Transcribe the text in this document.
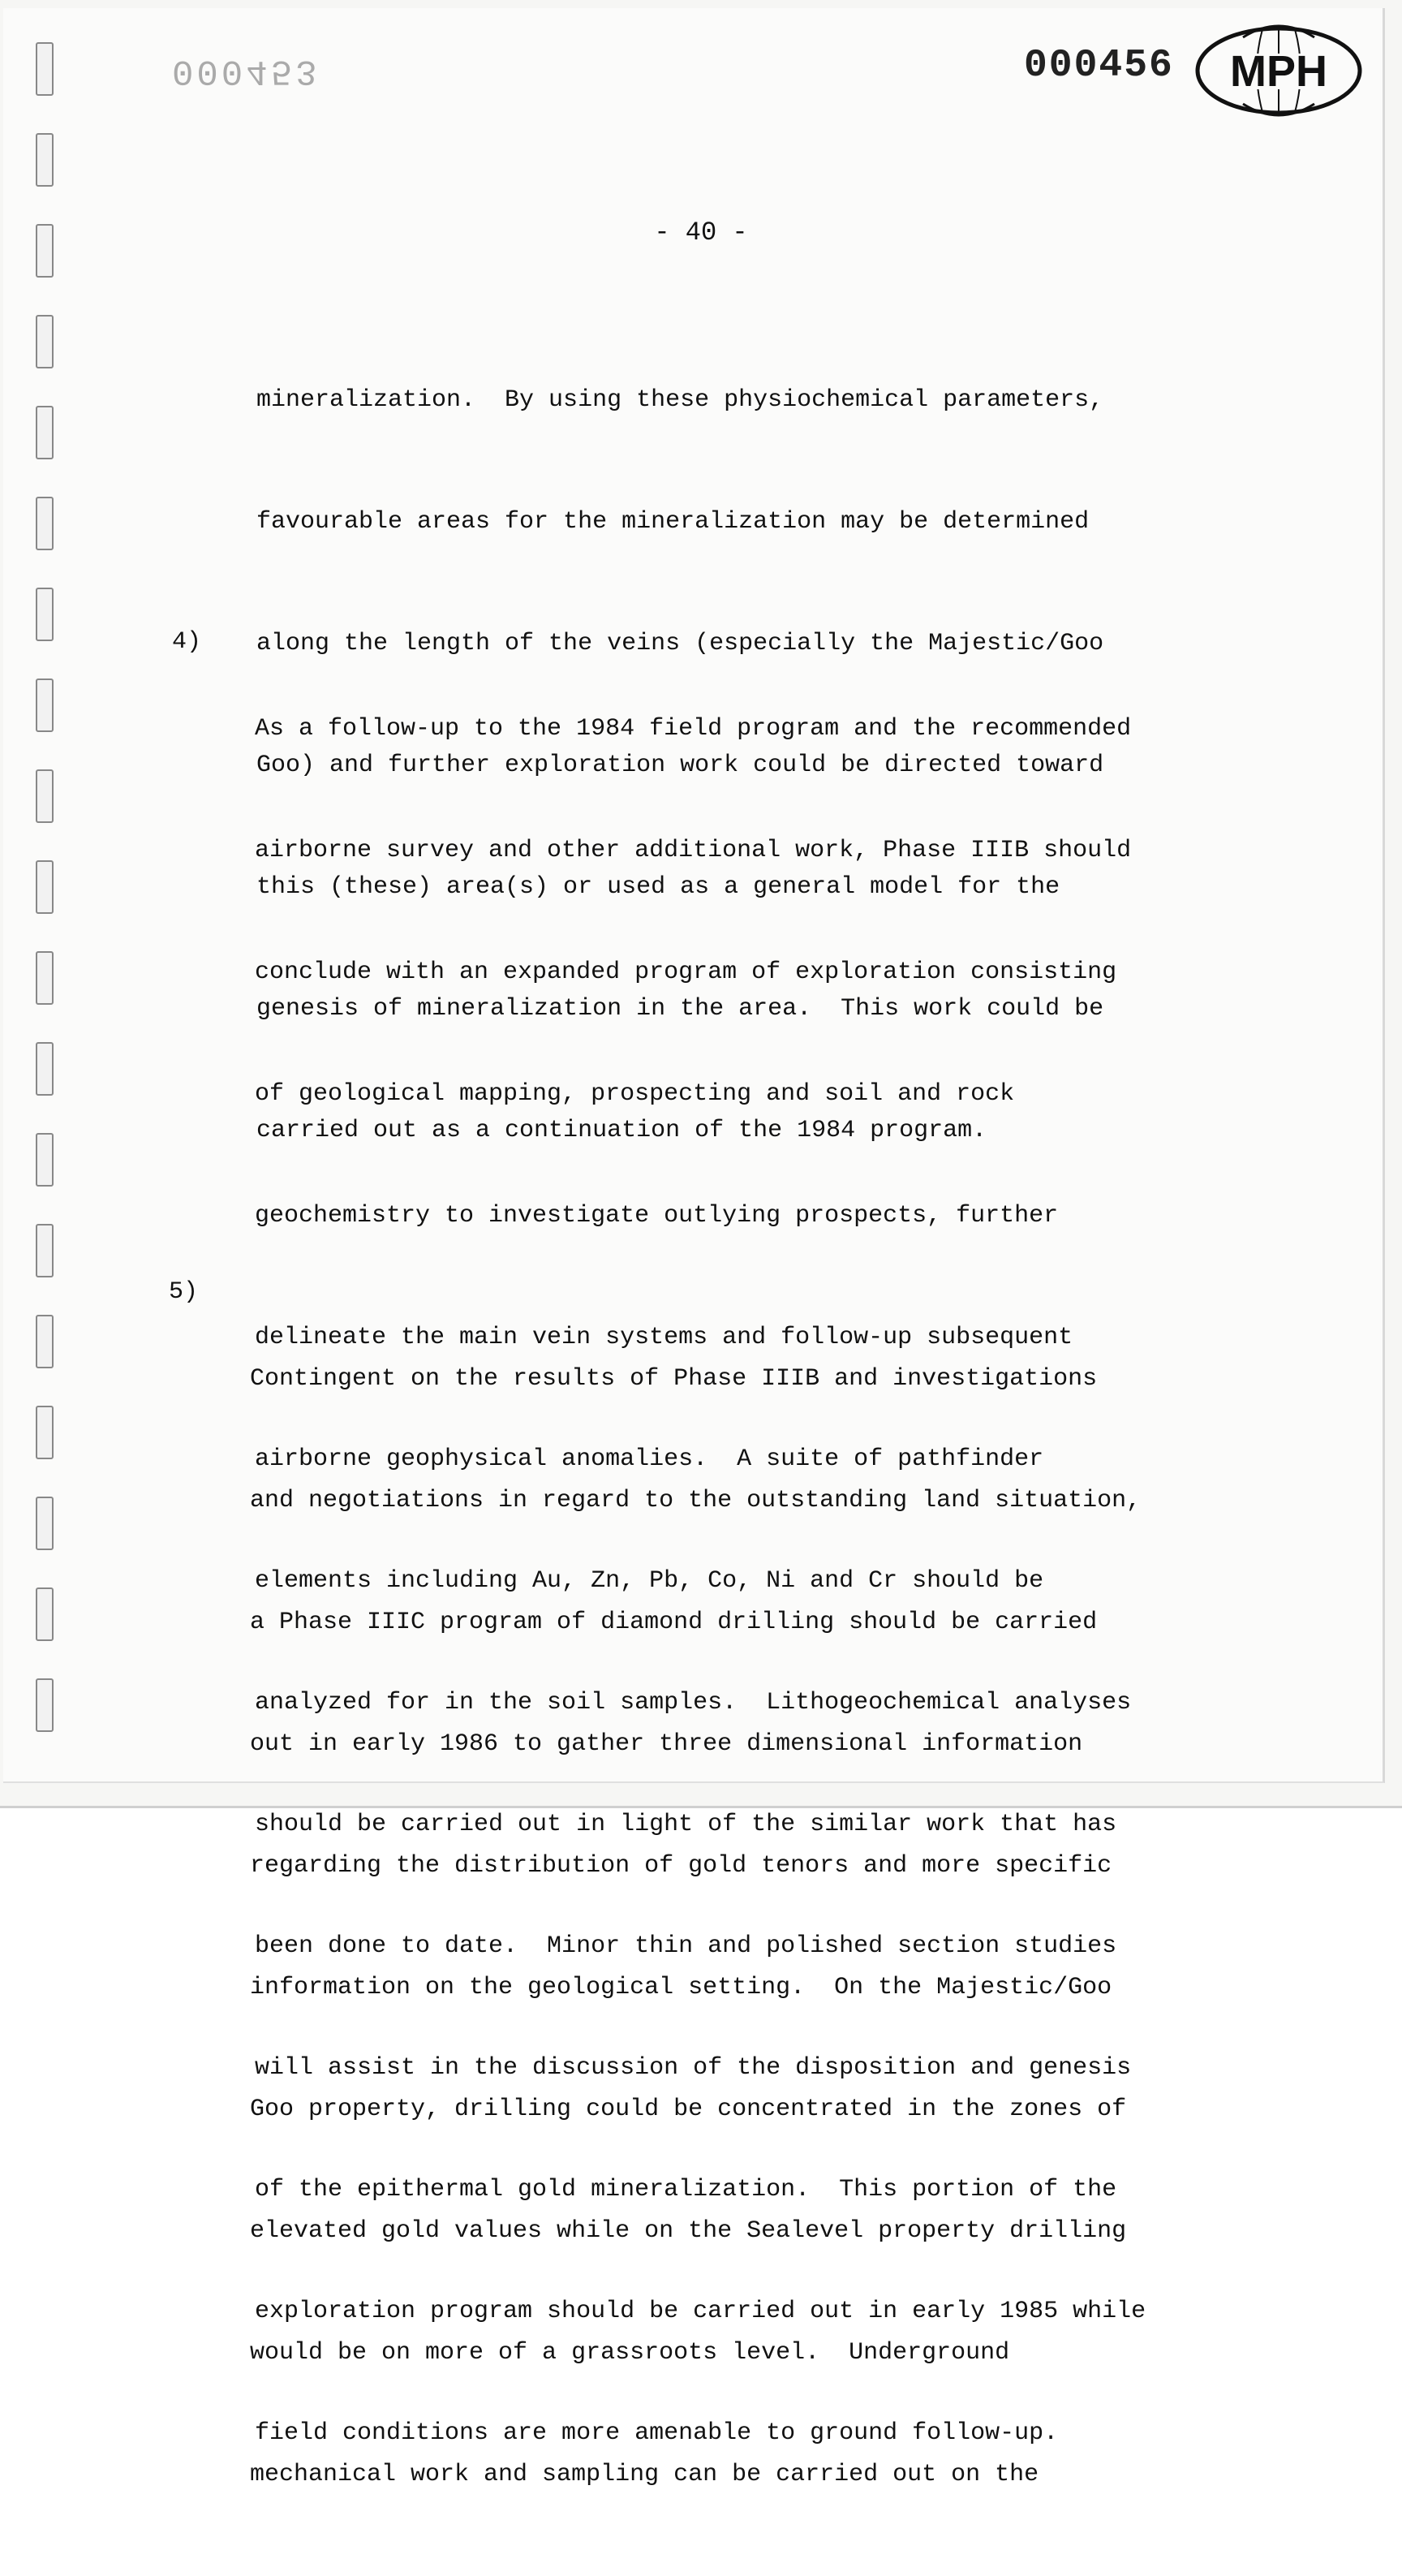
000453	000456 MPH
- 40 -

mineralization.  By using these physiochemical parameters,

favourable areas for the mineralization may be determined

along the length of the veins (especially the Majestic/Goo

Goo) and further exploration work could be directed toward

this (these) area(s) or used as a general model for the

genesis of mineralization in the area.  This work could be

carried out as a continuation of the 1984 program.

4)

As a follow-up to the 1984 field program and the recommended

airborne survey and other additional work, Phase IIIB should

conclude with an expanded program of exploration consisting

of geological mapping, prospecting and soil and rock

geochemistry to investigate outlying prospects, further

delineate the main vein systems and follow-up subsequent

airborne geophysical anomalies.  A suite of pathfinder

elements including Au, Zn, Pb, Co, Ni and Cr should be

analyzed for in the soil samples.  Lithogeochemical analyses

should be carried out in light of the similar work that has

been done to date.  Minor thin and polished section studies

will assist in the discussion of the disposition and genesis

of the epithermal gold mineralization.  This portion of the

exploration program should be carried out in early 1985 while

field conditions are more amenable to ground follow-up.

5)

Contingent on the results of Phase IIIB and investigations

and negotiations in regard to the outstanding land situation,

a Phase IIIC program of diamond drilling should be carried

out in early 1986 to gather three dimensional information

regarding the distribution of gold tenors and more specific

information on the geological setting.  On the Majestic/Goo

Goo property, drilling could be concentrated in the zones of

elevated gold values while on the Sealevel property drilling

would be on more of a grassroots level.  Underground

mechanical work and sampling can be carried out on the
